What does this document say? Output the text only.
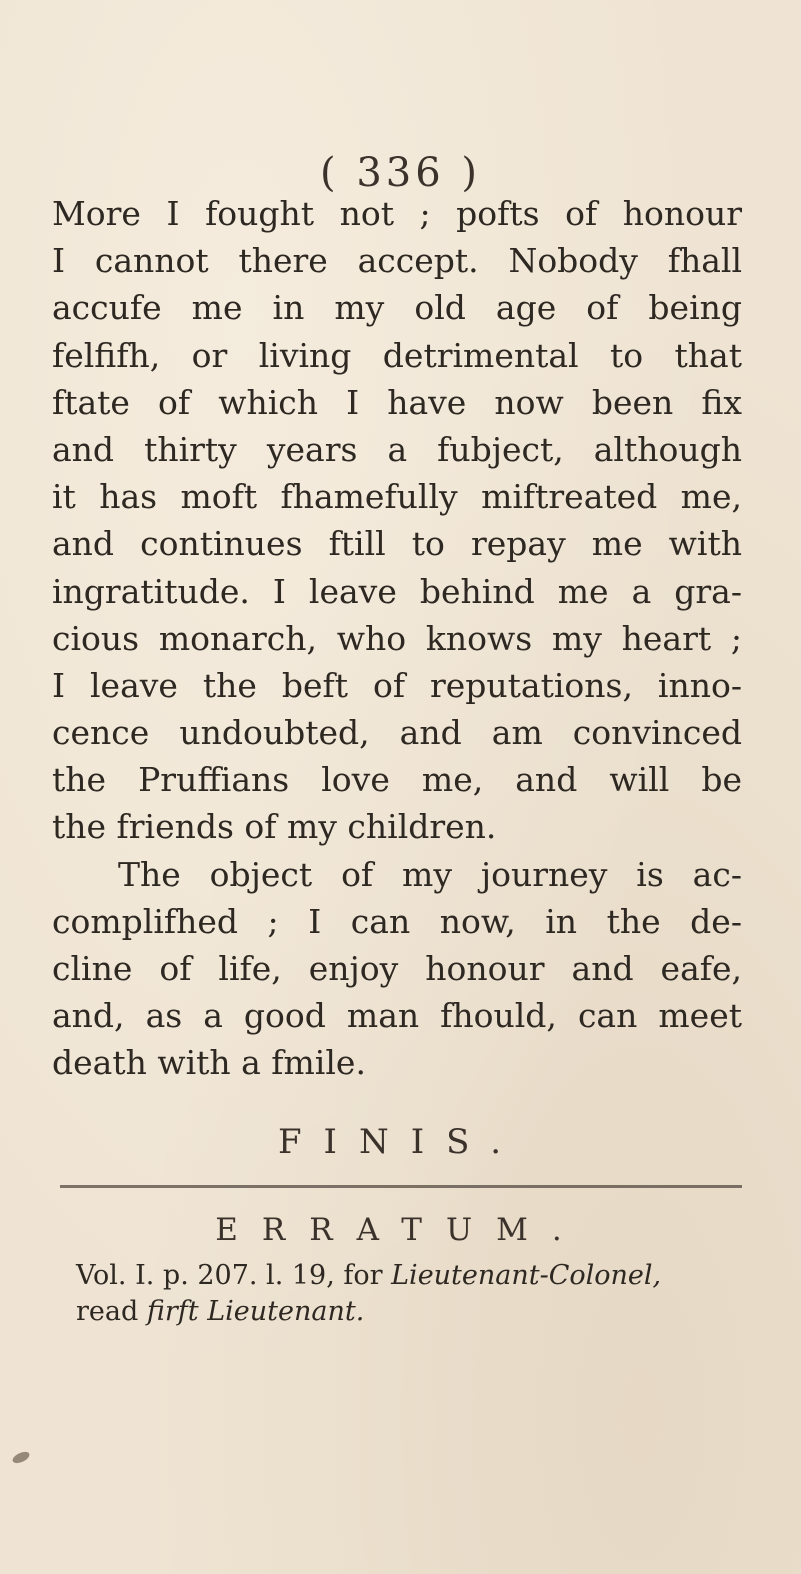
( 336 )
More I fought not ; pofts of honour
I cannot there accept. Nobody fhall
accufe me in my old age of being
felfifh, or living detrimental to that
ftate of which I have now been fix
and thirty years a fubject, although
it has moft fhamefully miftreated me,
and continues ftill to repay me with
ingratitude. I leave behind me a gra-
cious monarch, who knows my heart ;
I leave the beft of reputations, inno-
cence undoubted, and am convinced
the Pruffians love me, and will be
the friends of my children.
The object of my journey is ac-
complifhed ; I can now, in the de-
cline of life, enjoy honour and eafe,
and, as a good man fhould, can meet
death with a fmile.
FINIS.
ERRATUM.
Vol. I. p. 207. l. 19, for Lieutenant-Colonel,
read firft Lieutenant.
